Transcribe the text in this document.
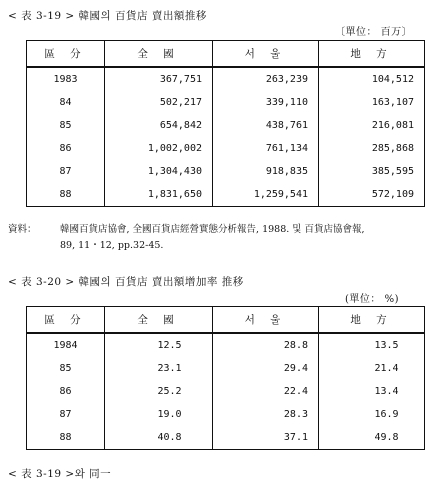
< 表 3-19 > 韓國의 百貨店 賣出額推移
〔單位： 百万〕
區 分	全 國	서 울	地 方
1983	367,751	263,239	104,512
84	502,217	339,110	163,107
85	654,842	438,761	216,081
86	1,002,002	761,134	285,868
87	1,304,430	918,835	385,595
88	1,831,650	1,259,541	572,109
資料： 韓國百貨店協會, 全國百貨店經營實態分析報告, 1988. 및 百貨店協會報,
89, 11・12, pp.32-45.
< 表 3-20 > 韓國의 百貨店 賣出額增加率 推移
(單位： %)
區 分	全 國	서 울	地 方
1984	12.5	28.8	13.5
85	23.1	29.4	21.4
86	25.2	22.4	13.4
87	19.0	28.3	16.9
88	40.8	37.1	49.8
< 表 3-19 >와 同一
